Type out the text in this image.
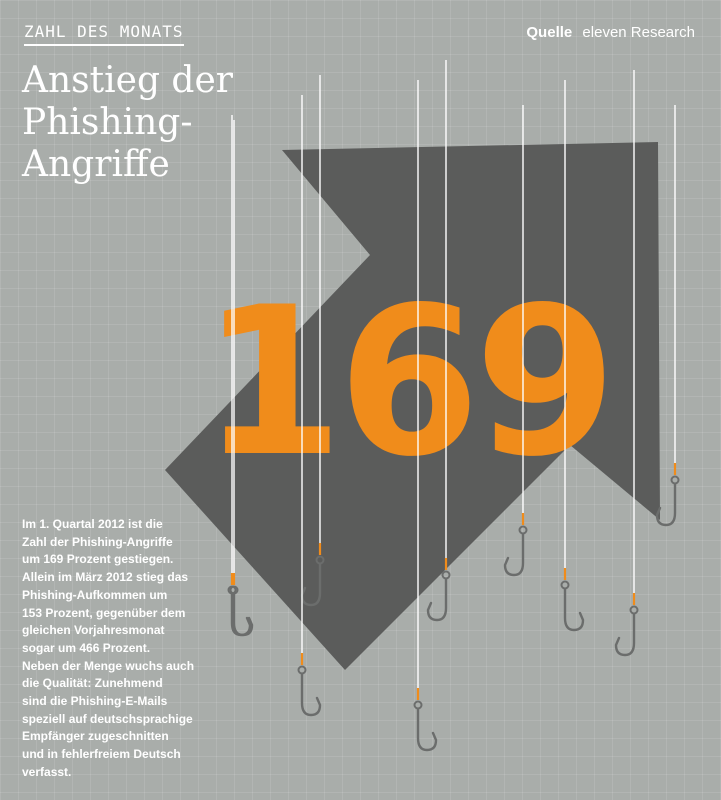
169
ZAHL DES MONATS	Quelle eleven Research
Anstieg der
Phishing-
Angriffe
Im 1. Quartal 2012 ist die
Zahl der Phishing-Angriffe
um 169 Prozent gestiegen.
Allein im März 2012 stieg das
Phishing-Aufkommen um
153 Prozent, gegenüber dem
gleichen Vorjahresmonat
sogar um 466 Prozent.
Neben der Menge wuchs auch
die Qualität: Zunehmend
sind die Phishing-E-Mails
speziell auf deutschsprachige
Empfänger zugeschnitten
und in fehlerfreiem Deutsch
verfasst.
